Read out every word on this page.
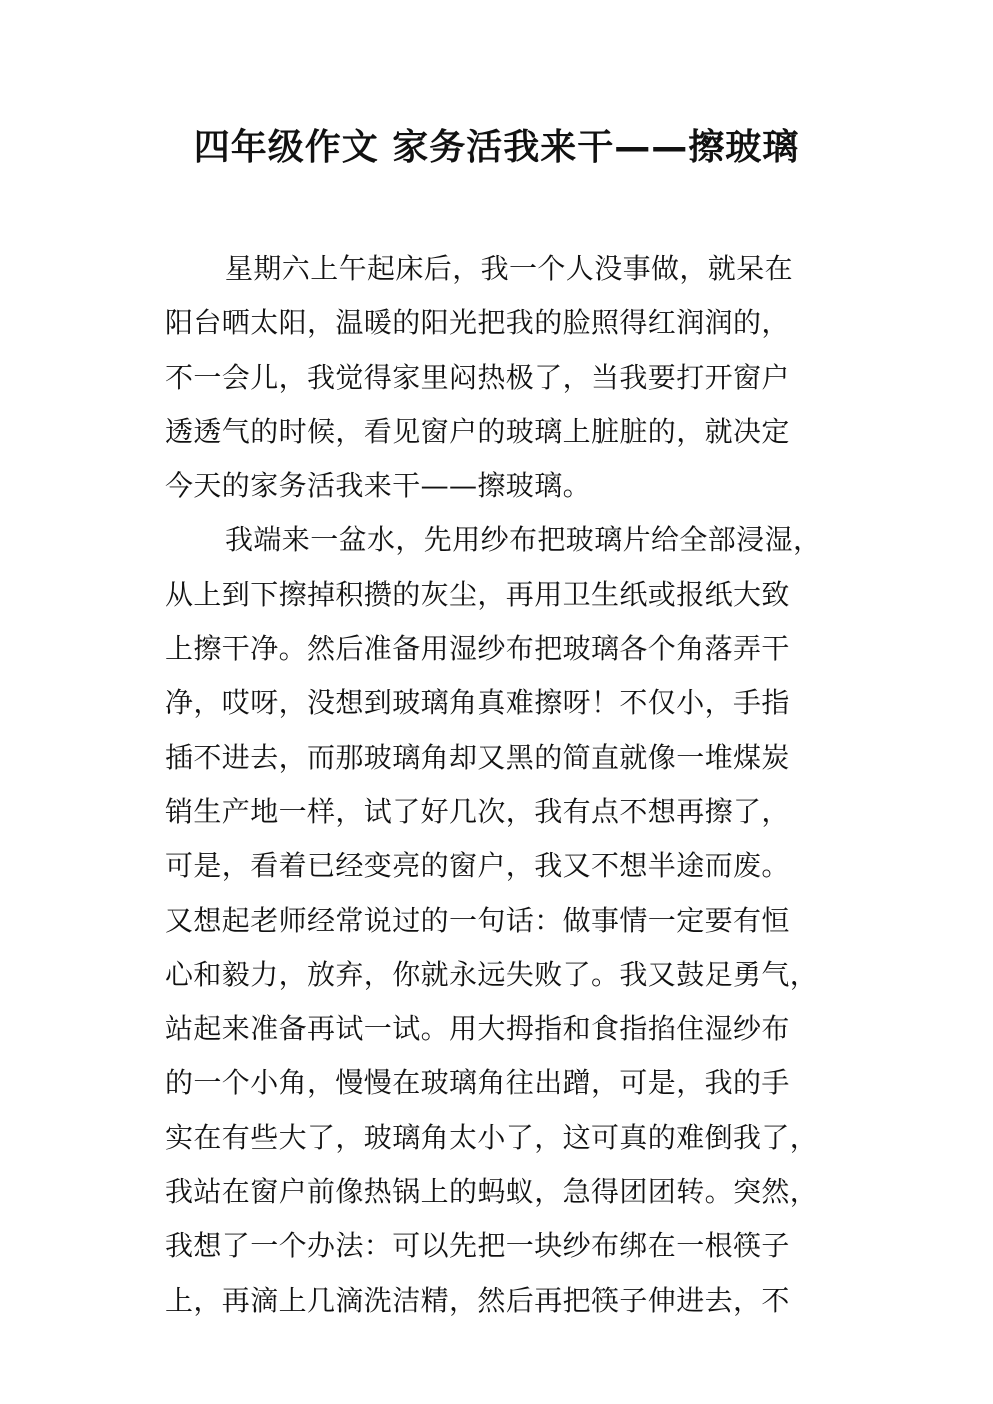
四年级作文 家务活我来干——擦玻璃
星期六上午起床后，我一个人没事做，就呆在
阳台晒太阳，温暖的阳光把我的脸照得红润润的，
不一会儿，我觉得家里闷热极了，当我要打开窗户
透透气的时候，看见窗户的玻璃上脏脏的，就决定
今天的家务活我来干——擦玻璃。
我端来一盆水，先用纱布把玻璃片给全部浸湿，
从上到下擦掉积攒的灰尘，再用卫生纸或报纸大致
上擦干净。然后准备用湿纱布把玻璃各个角落弄干
净，哎呀，没想到玻璃角真难擦呀！不仅小，手指
插不进去，而那玻璃角却又黑的简直就像一堆煤炭
销生产地一样，试了好几次，我有点不想再擦了，
可是，看着已经变亮的窗户，我又不想半途而废。
又想起老师经常说过的一句话：做事情一定要有恒
心和毅力，放弃，你就永远失败了。我又鼓足勇气，
站起来准备再试一试。用大拇指和食指掐住湿纱布
的一个小角，慢慢在玻璃角往出蹭，可是，我的手
实在有些大了，玻璃角太小了，这可真的难倒我了，
我站在窗户前像热锅上的蚂蚁，急得团团转。突然，
我想了一个办法：可以先把一块纱布绑在一根筷子
上，再滴上几滴洗洁精，然后再把筷子伸进去，不
